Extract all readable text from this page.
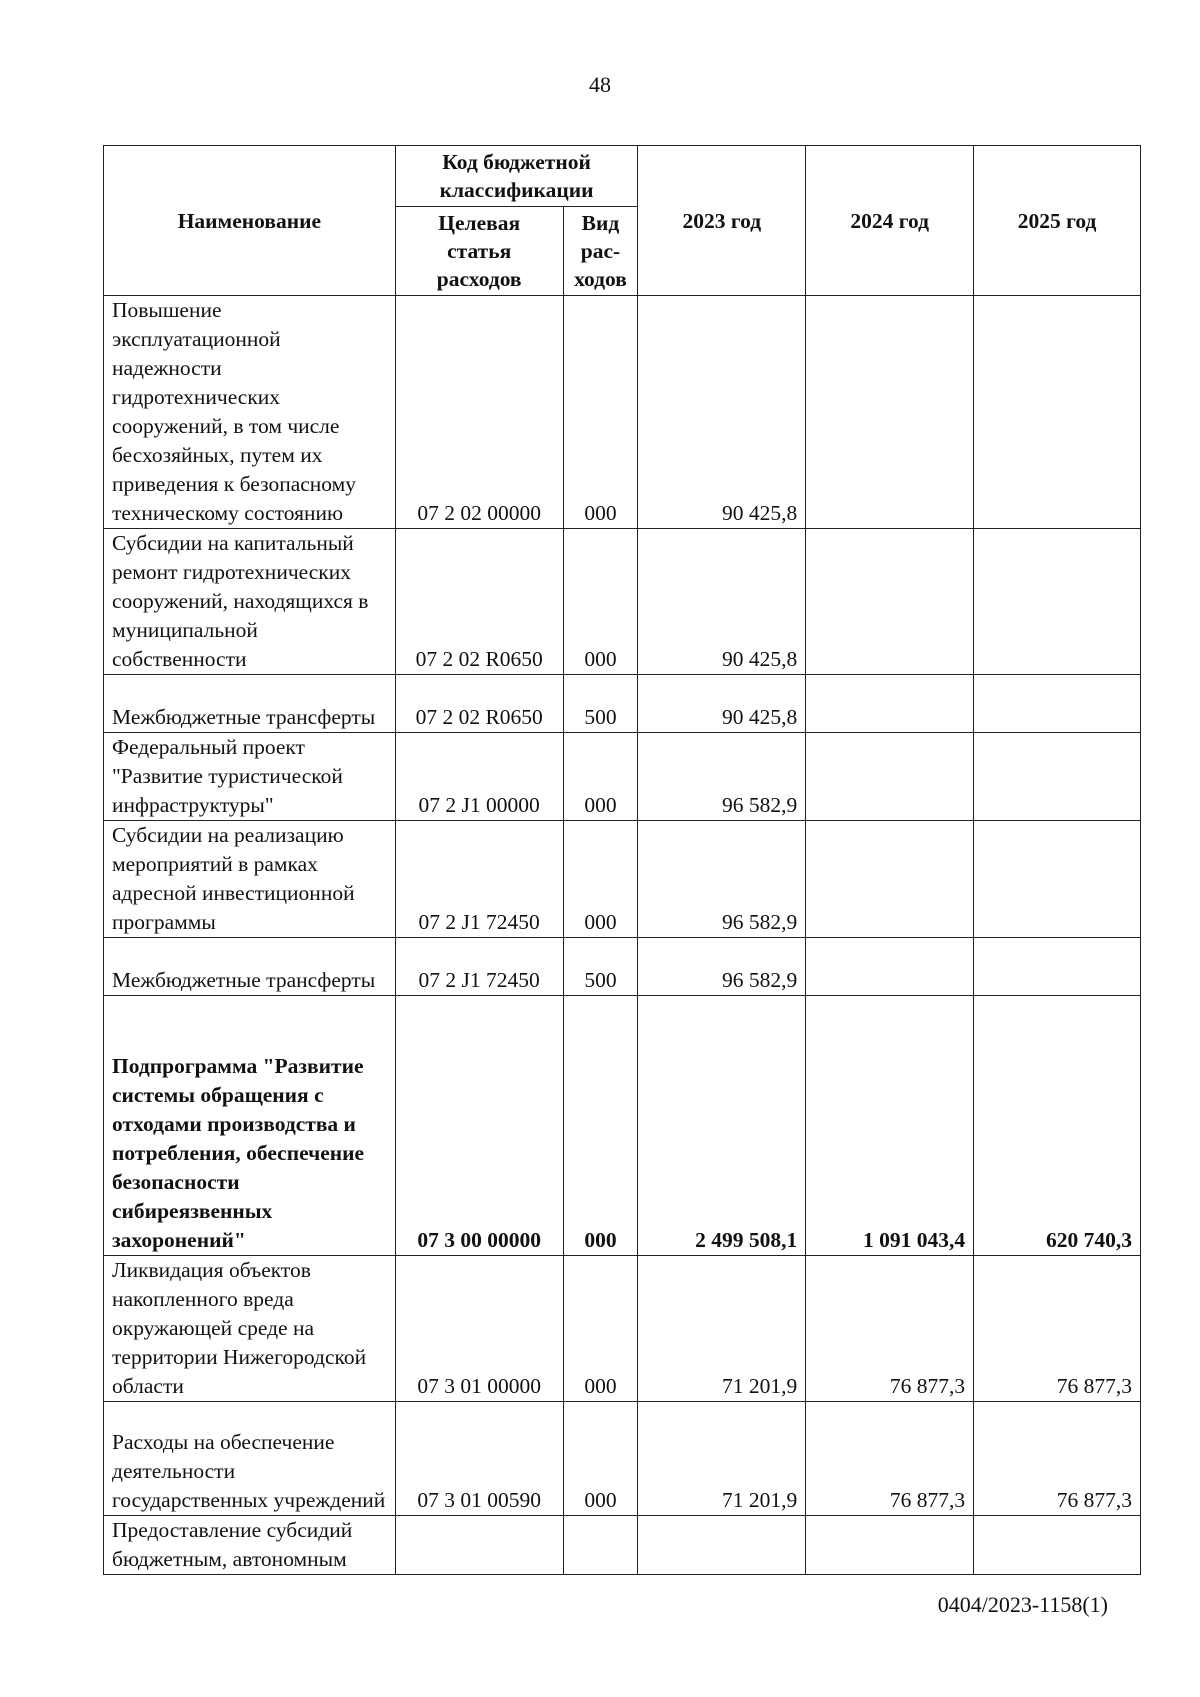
48
Наименование	Код бюджетной классификации		2023 год	2024 год	2025 год
	Целевая статья расходов	Вид рас-ходов			
Повышение эксплуатационной надежности гидротехнических сооружений, в том числе бесхозяйных, путем их приведения к безопасному техническому состоянию	07 2 02 00000	000	90 425,8		
Субсидии на капитальный ремонт гидротехнических сооружений, находящихся в муниципальной собственности	07 2 02 R0650	000	90 425,8		
Межбюджетные трансферты	07 2 02 R0650	500	90 425,8		
Федеральный проект "Развитие туристической инфраструктуры"	07 2 J1 00000	000	96 582,9		
Субсидии на реализацию мероприятий в рамках адресной инвестиционной программы	07 2 J1 72450	000	96 582,9		
Межбюджетные трансферты	07 2 J1 72450	500	96 582,9		
Подпрограмма "Развитие системы обращения с отходами производства и потребления, обеспечение безопасности сибиреязвенных захоронений"	07 3 00 00000	000	2 499 508,1	1 091 043,4	620 740,3
Ликвидация объектов накопленного вреда окружающей среде на территории Нижегородской области	07 3 01 00000	000	71 201,9	76 877,3	76 877,3
Расходы на обеспечение деятельности государственных учреждений	07 3 01 00590	000	71 201,9	76 877,3	76 877,3
Предоставление субсидий бюджетным, автономным					
0404/2023-1158(1)
